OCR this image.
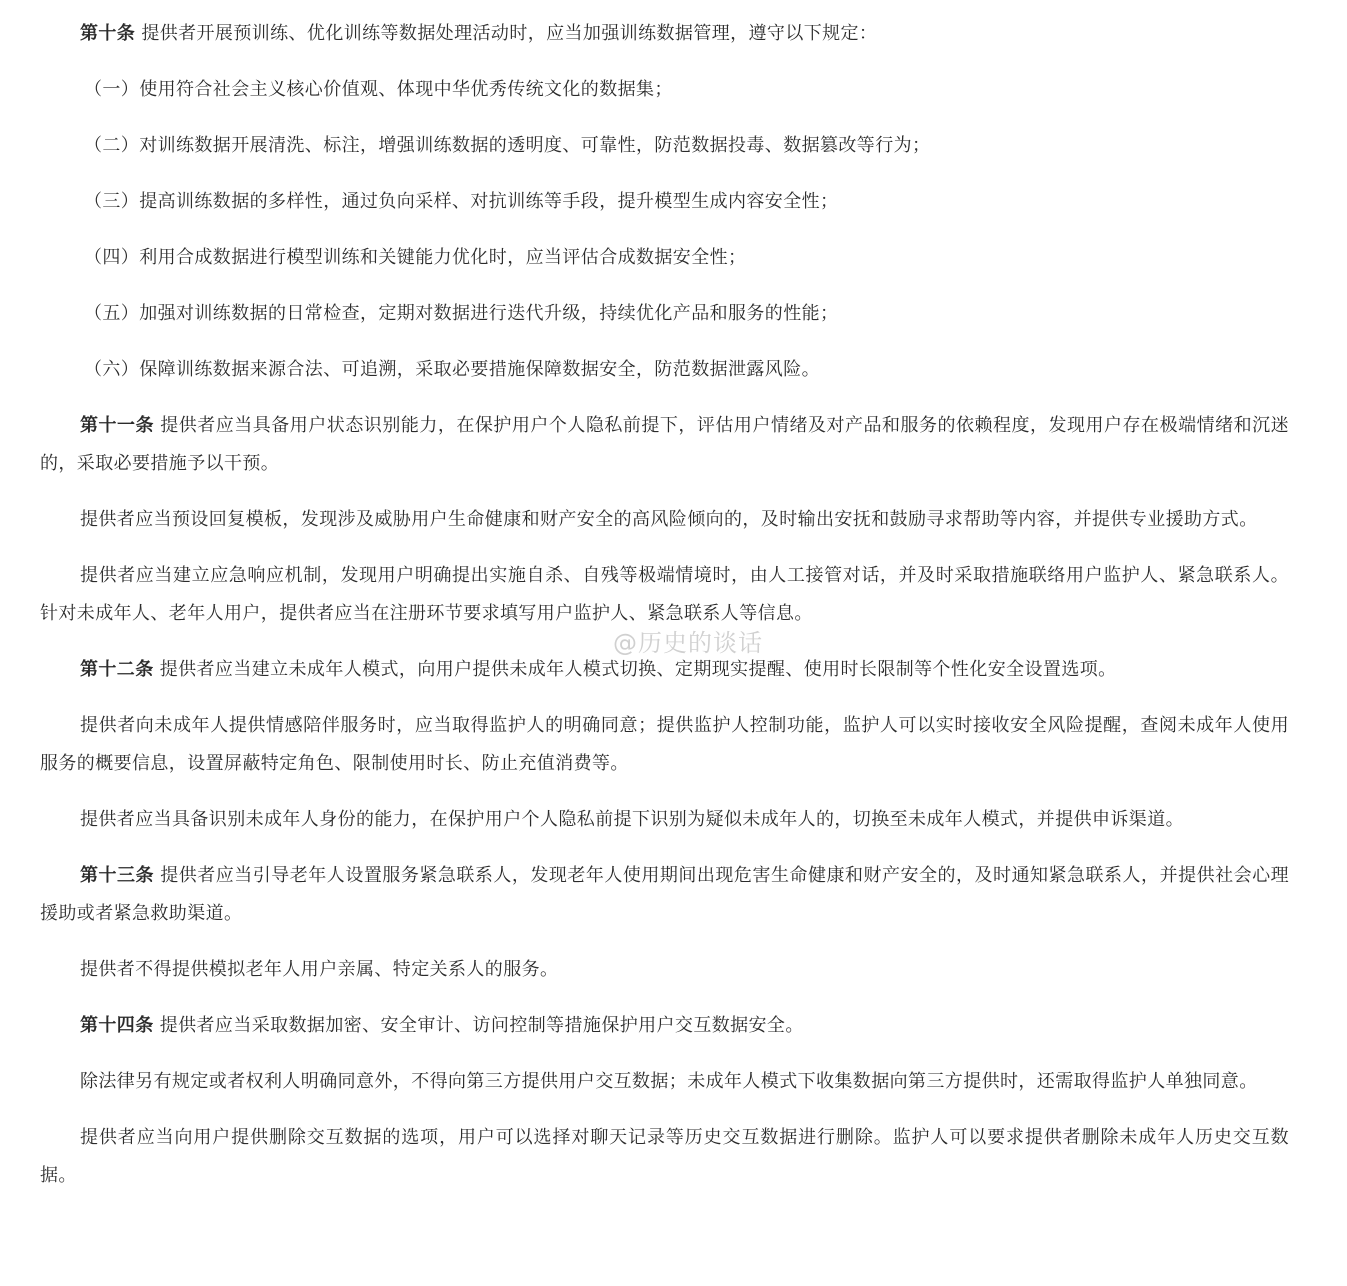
第十条 提供者开展预训练、优化训练等数据处理活动时，应当加强训练数据管理，遵守以下规定：

（一）使用符合社会主义核心价值观、体现中华优秀传统文化的数据集；

（二）对训练数据开展清洗、标注，增强训练数据的透明度、可靠性，防范数据投毒、数据篡改等行为；

（三）提高训练数据的多样性，通过负向采样、对抗训练等手段，提升模型生成内容安全性；

（四）利用合成数据进行模型训练和关键能力优化时，应当评估合成数据安全性；

（五）加强对训练数据的日常检查，定期对数据进行迭代升级，持续优化产品和服务的性能；

（六）保障训练数据来源合法、可追溯，采取必要措施保障数据安全，防范数据泄露风险。

第十一条 提供者应当具备用户状态识别能力，在保护用户个人隐私前提下，评估用户情绪及对产品和服务的依赖程度，发现用户存在极端情绪和沉迷的，采取必要措施予以干预。

提供者应当预设回复模板，发现涉及威胁用户生命健康和财产安全的高风险倾向的，及时输出安抚和鼓励寻求帮助等内容，并提供专业援助方式。

提供者应当建立应急响应机制，发现用户明确提出实施自杀、自残等极端情境时，由人工接管对话，并及时采取措施联络用户监护人、紧急联系人。针对未成年人、老年人用户，提供者应当在注册环节要求填写用户监护人、紧急联系人等信息。

第十二条 提供者应当建立未成年人模式，向用户提供未成年人模式切换、定期现实提醒、使用时长限制等个性化安全设置选项。

提供者向未成年人提供情感陪伴服务时，应当取得监护人的明确同意；提供监护人控制功能，监护人可以实时接收安全风险提醒，查阅未成年人使用服务的概要信息，设置屏蔽特定角色、限制使用时长、防止充值消费等。

提供者应当具备识别未成年人身份的能力，在保护用户个人隐私前提下识别为疑似未成年人的，切换至未成年人模式，并提供申诉渠道。

第十三条 提供者应当引导老年人设置服务紧急联系人，发现老年人使用期间出现危害生命健康和财产安全的，及时通知紧急联系人，并提供社会心理援助或者紧急救助渠道。

提供者不得提供模拟老年人用户亲属、特定关系人的服务。

第十四条 提供者应当采取数据加密、安全审计、访问控制等措施保护用户交互数据安全。

除法律另有规定或者权利人明确同意外，不得向第三方提供用户交互数据；未成年人模式下收集数据向第三方提供时，还需取得监护人单独同意。

提供者应当向用户提供删除交互数据的选项，用户可以选择对聊天记录等历史交互数据进行删除。监护人可以要求提供者删除未成年人历史交互数据。

@历史的谈话
